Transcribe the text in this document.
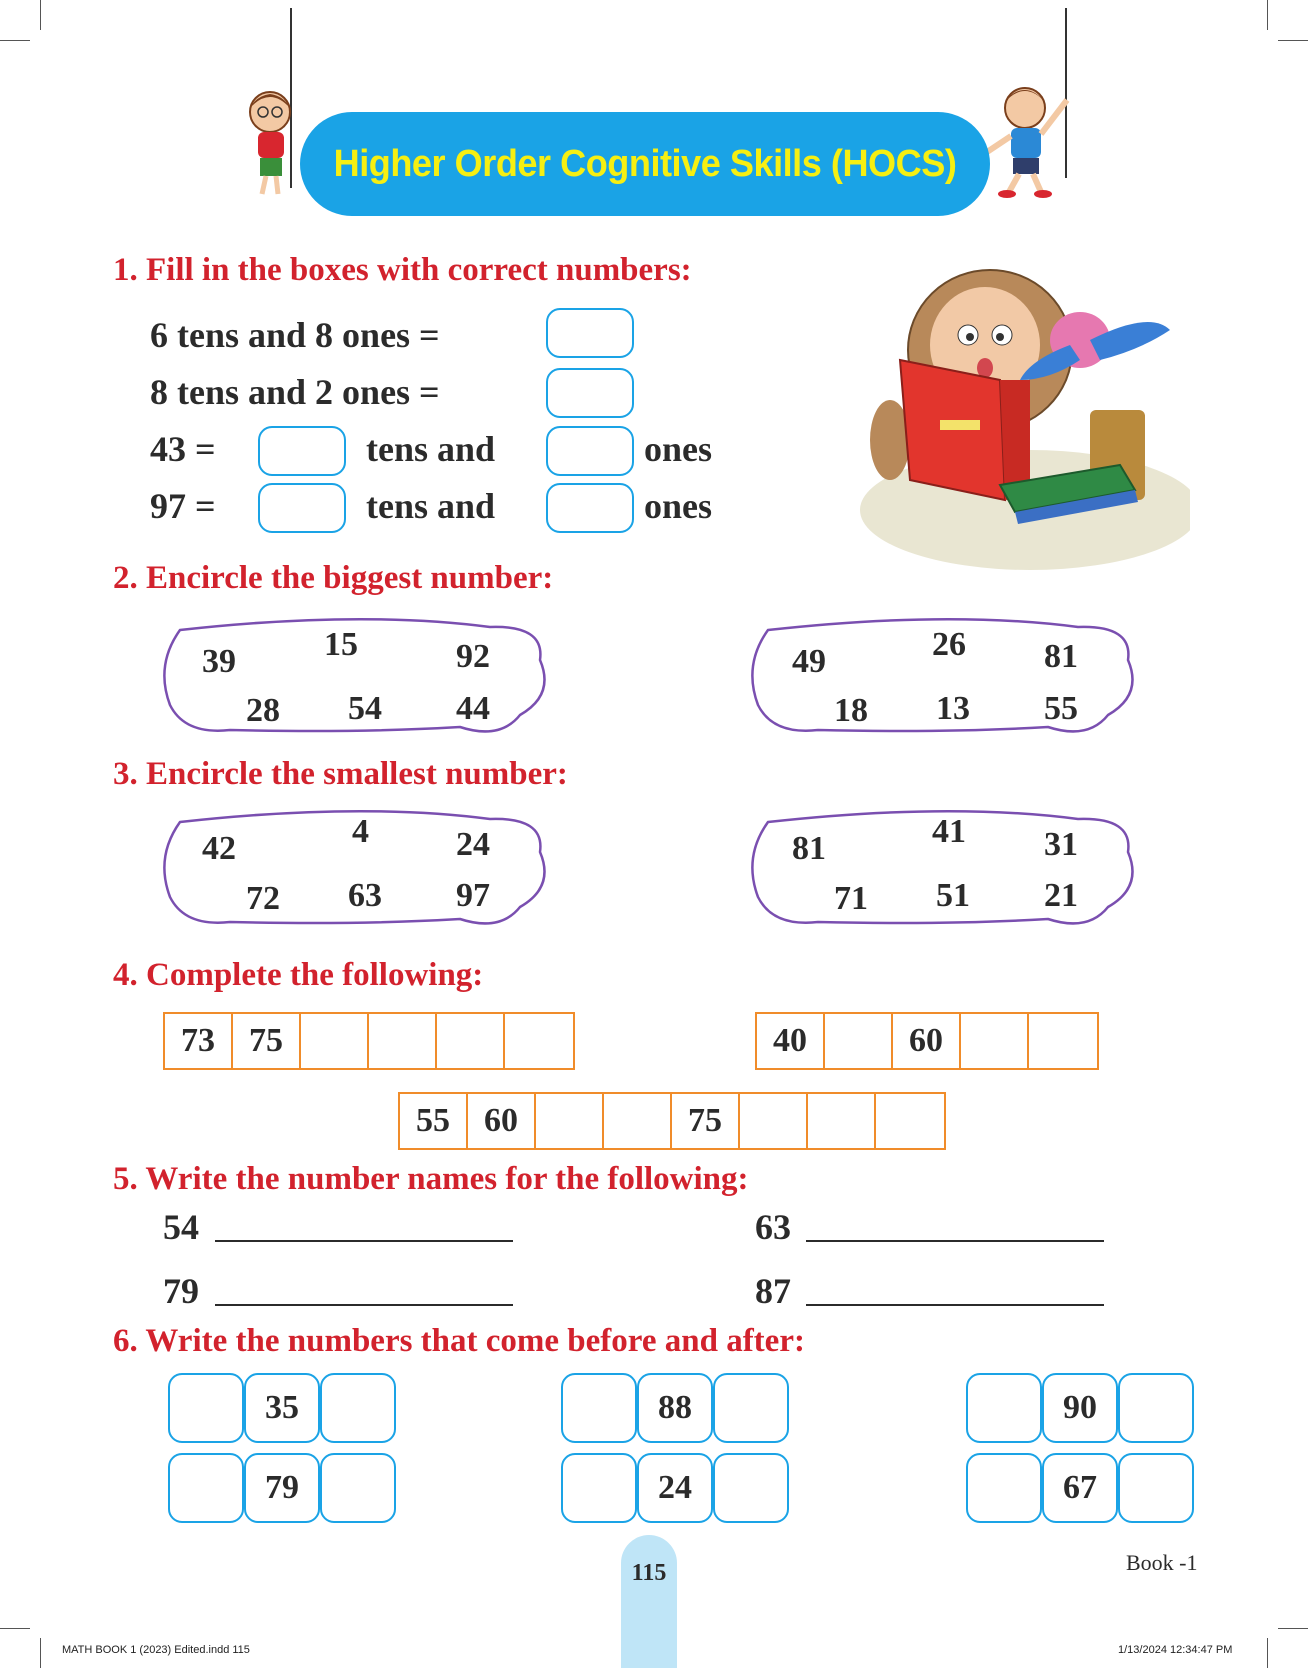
Higher Order Cognitive Skills (HOCS)
1. Fill in the boxes with correct numbers:
6 tens and 8 ones =
8 tens and 2 ones =
43 =	tens and	ones
97 =	tens and	ones
2. Encircle the biggest number:
39	15	92
28 54 44
49	26 81
18 13 55
3. Encircle the smallest number:
42	4	24
72 63 97
81	41 31
71 51 21
4. Complete the following:
73	75	40	60
55	60	75
5. Write the number names for the following:
54	63
79	87
6. Write the numbers that come before and after:
35
79
88
24
90
67
115	Book -1
MATH BOOK 1 (2023) Edited.indd 115	1/13/2024 12:34:47 PM
